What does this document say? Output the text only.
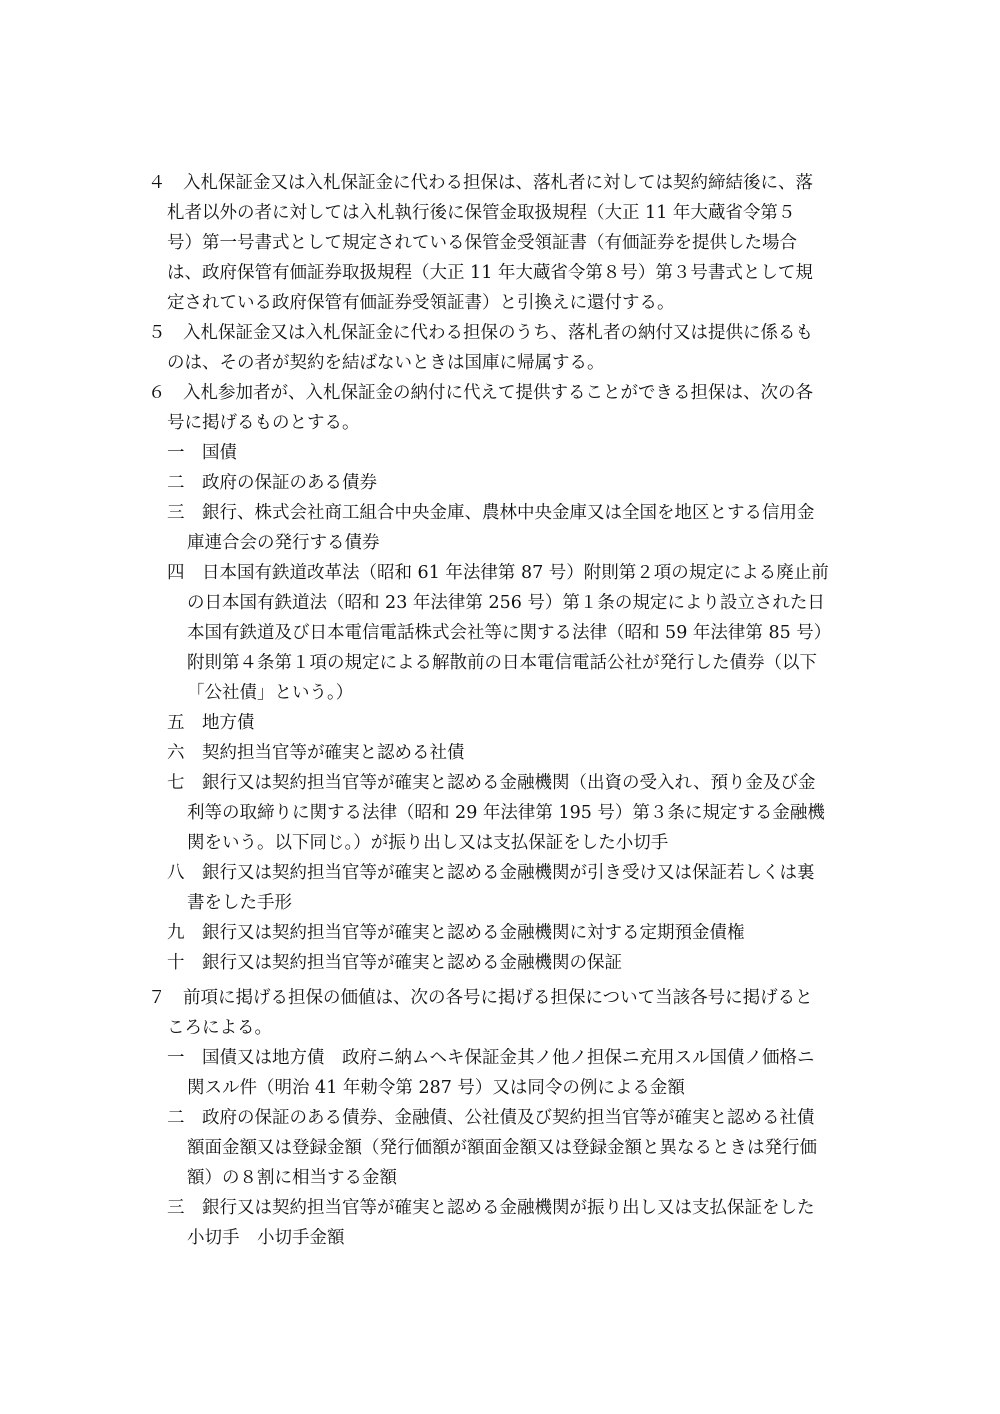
４　入札保証金又は入札保証金に代わる担保は、落札者に対しては契約締結後に、落
札者以外の者に対しては入札執行後に保管金取扱規程（大正 11 年大蔵省令第５
号）第一号書式として規定されている保管金受領証書（有価証券を提供した場合
は、政府保管有価証券取扱規程（大正 11 年大蔵省令第８号）第３号書式として規
定されている政府保管有価証券受領証書）と引換えに還付する。
５　入札保証金又は入札保証金に代わる担保のうち、落札者の納付又は提供に係るも
のは、その者が契約を結ばないときは国庫に帰属する。
６　入札参加者が、入札保証金の納付に代えて提供することができる担保は、次の各
号に掲げるものとする。
一　国債
二　政府の保証のある債券
三　銀行、株式会社商工組合中央金庫、農林中央金庫又は全国を地区とする信用金
庫連合会の発行する債券
四　日本国有鉄道改革法（昭和 61 年法律第 87 号）附則第２項の規定による廃止前
の日本国有鉄道法（昭和 23 年法律第 256 号）第１条の規定により設立された日
本国有鉄道及び日本電信電話株式会社等に関する法律（昭和 59 年法律第 85 号）
附則第４条第１項の規定による解散前の日本電信電話公社が発行した債券（以下
「公社債」という。）
五　地方債
六　契約担当官等が確実と認める社債
七　銀行又は契約担当官等が確実と認める金融機関（出資の受入れ、預り金及び金
利等の取締りに関する法律（昭和 29 年法律第 195 号）第３条に規定する金融機
関をいう。以下同じ。）が振り出し又は支払保証をした小切手
八　銀行又は契約担当官等が確実と認める金融機関が引き受け又は保証若しくは裏
書をした手形
九　銀行又は契約担当官等が確実と認める金融機関に対する定期預金債権
十　銀行又は契約担当官等が確実と認める金融機関の保証
７　前項に掲げる担保の価値は、次の各号に掲げる担保について当該各号に掲げると
ころによる。
一　国債又は地方債　政府ニ納ムヘキ保証金其ノ他ノ担保ニ充用スル国債ノ価格ニ
関スル件（明治 41 年勅令第 287 号）又は同令の例による金額
二　政府の保証のある債券、金融債、公社債及び契約担当官等が確実と認める社債
額面金額又は登録金額（発行価額が額面金額又は登録金額と異なるときは発行価
額）の８割に相当する金額
三　銀行又は契約担当官等が確実と認める金融機関が振り出し又は支払保証をした
小切手　小切手金額
